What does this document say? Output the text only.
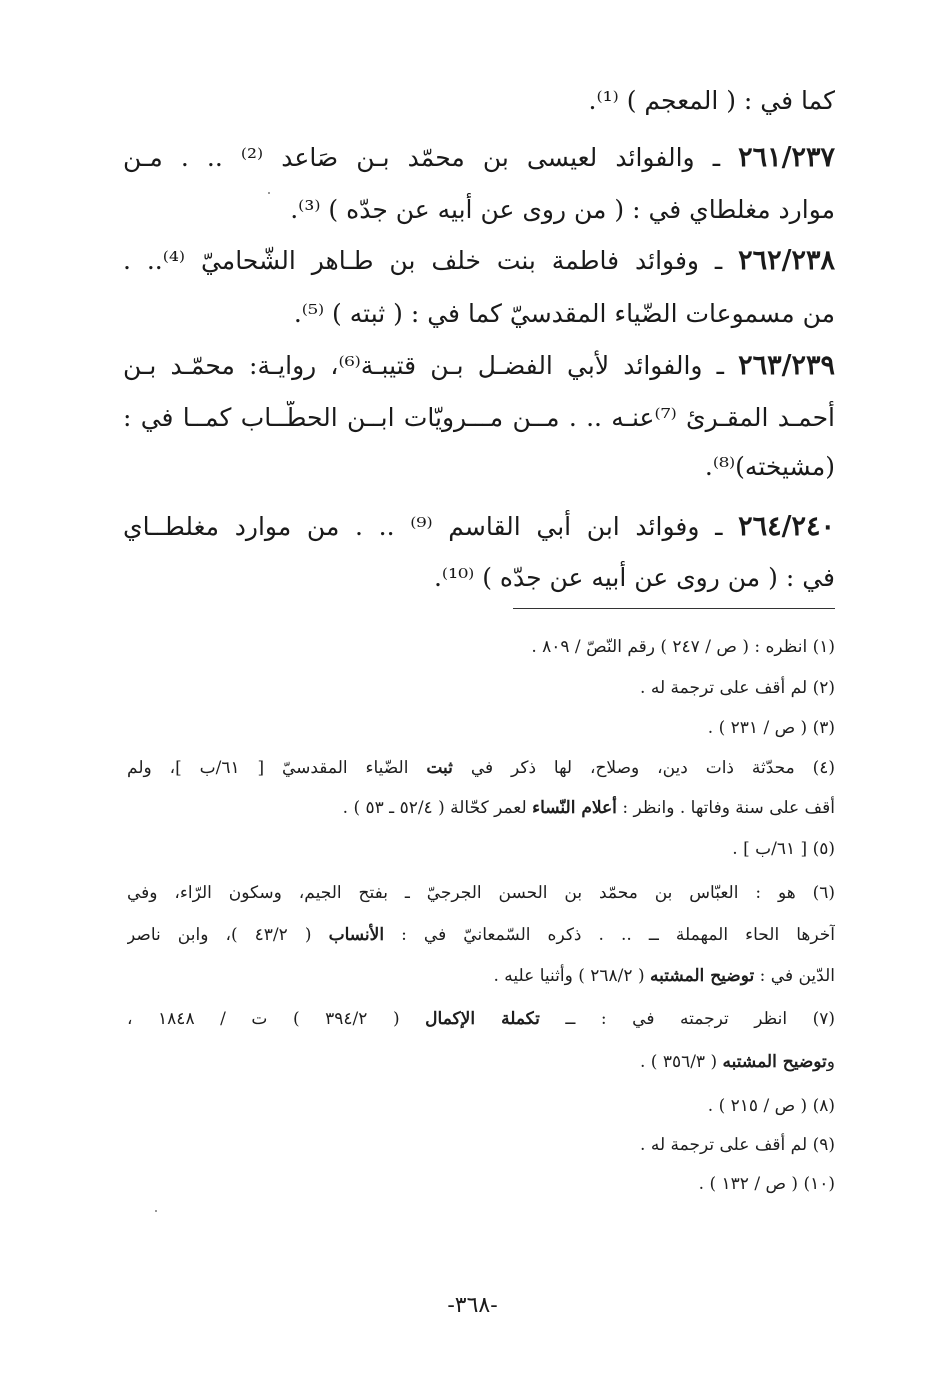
كما في : ( المعجم ) ⁽¹⁾.
٢٦١/٢٣٧ ـ والفوائد لعيسى بن محمّد بـن صَاعد ⁽²⁾ .. . مـن
موارد مغلطاي في : ( من روى عن أبيه عن جدّه ) ⁽³⁾.
٢٦٢/٢٣٨ ـ وفوائد فاطمة بنت خلف بن طـاهر الشّحاميّ ⁽⁴⁾.. .
من مسموعات الضّياء المقدسيّ كما في : ( ثبته ) ⁽⁵⁾.
٢٦٣/٢٣٩ ـ والفوائد لأبي الفضـل بـن قتيبـة⁽⁶⁾، روايـة: محمّـد بـن
أحمـد المقـرئ ⁽⁷⁾عنـه .. . مــن مـــرويّات ابــن الحطّــاب كمــا في :
(مشيخته)⁽⁸⁾.
٢٦٤/٢٤٠ ـ وفوائد ابن أبي القاسم ⁽⁹⁾ .. . من موارد مغلطــاي
في : ( من روى عن أبيه عن جدّه ) ⁽¹⁰⁾.
(١) انظره : ( ص / ٢٤٧ ) رقم النّصّ / ٨٠٩ .
(٢) لم أقف على ترجمة له .
(٣) ( ص / ٢٣١ ) .
(٤) محدّثة ذات دين، وصلاح، لها ذكر في ثبت الضّياء المقدسيّ [ ٦١/ب ]، ولم
أقف على سنة وفاتها . وانظر : أعلام النّساء لعمر كحّالة ( ٥٢/٤ ـ ٥٣ ) .
(٥) [ ٦١/ب ] .
(٦) هو : العبّاس بن محمّد بن الحسن الجرجيّ ـ بفتح الجيم، وسكون الرّاء، وفي
آخرها الحاء المهملة ــ .. . ذكره السّمعانيّ في : الأنساب ( ٤٣/٢ )، وابن ناصر
الدّين في : توضيح المشتبه ( ٢٦٨/٢ ) وأثنيا عليه .
(٧) انظر ترجمته في : ــ تكملة الإكمال ( ٣٩٤/٢ ) ت / ١٨٤٨ ،
وتوضيح المشتبه ( ٣٥٦/٣ ) .
(٨) ( ص / ٢١٥ ) .
(٩) لم أقف على ترجمة له .
(١٠) ( ص / ١٣٢ ) .
-٣٦٨-
